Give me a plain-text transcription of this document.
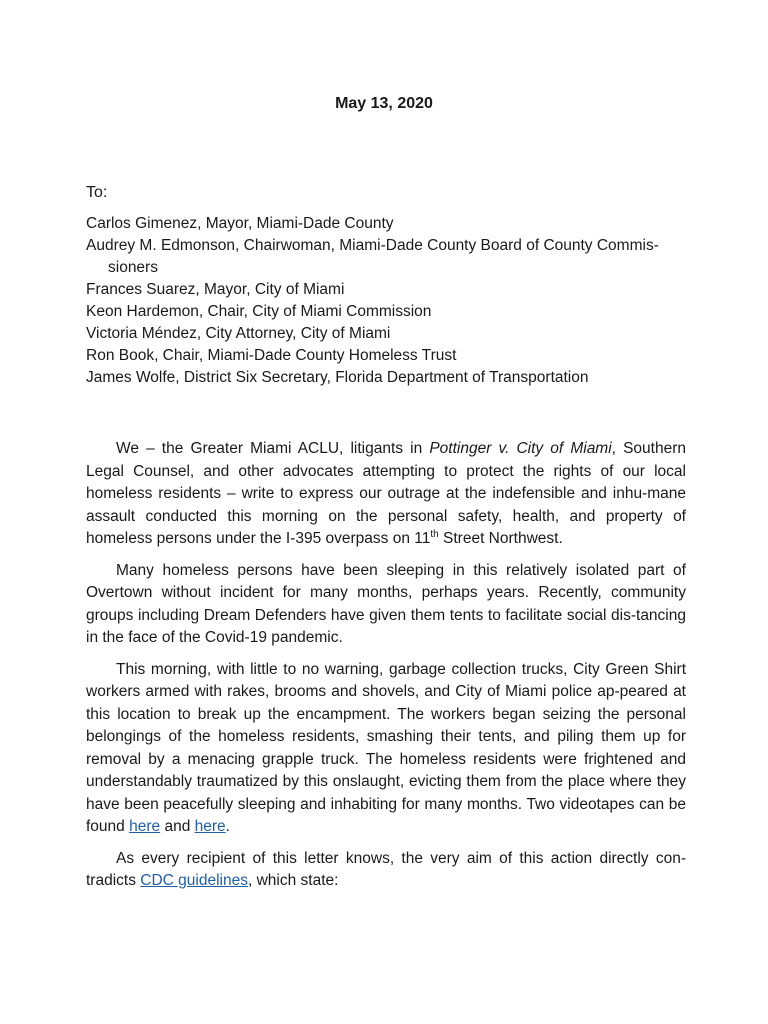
May 13, 2020
To:
Carlos Gimenez, Mayor, Miami-Dade County
Audrey M. Edmonson, Chairwoman, Miami-Dade County Board of County Commis-sioners
Frances Suarez, Mayor, City of Miami
Keon Hardemon, Chair, City of Miami Commission
Victoria Méndez, City Attorney, City of Miami
Ron Book, Chair, Miami-Dade County Homeless Trust
James Wolfe, District Six Secretary, Florida Department of Transportation

We – the Greater Miami ACLU, litigants in Pottinger v. City of Miami, Southern Legal Counsel, and other advocates attempting to protect the rights of our local homeless residents – write to express our outrage at the indefensible and inhu-mane assault conducted this morning on the personal safety, health, and property of homeless persons under the I-395 overpass on 11th Street Northwest.

Many homeless persons have been sleeping in this relatively isolated part of Overtown without incident for many months, perhaps years. Recently, community groups including Dream Defenders have given them tents to facilitate social dis-tancing in the face of the Covid-19 pandemic.

This morning, with little to no warning, garbage collection trucks, City Green Shirt workers armed with rakes, brooms and shovels, and City of Miami police ap-peared at this location to break up the encampment. The workers began seizing the personal belongings of the homeless residents, smashing their tents, and piling them up for removal by a menacing grapple truck. The homeless residents were frightened and understandably traumatized by this onslaught, evicting them from the place where they have been peacefully sleeping and inhabiting for many months. Two videotapes can be found here and here.

As every recipient of this letter knows, the very aim of this action directly con-tradicts CDC guidelines, which state:
